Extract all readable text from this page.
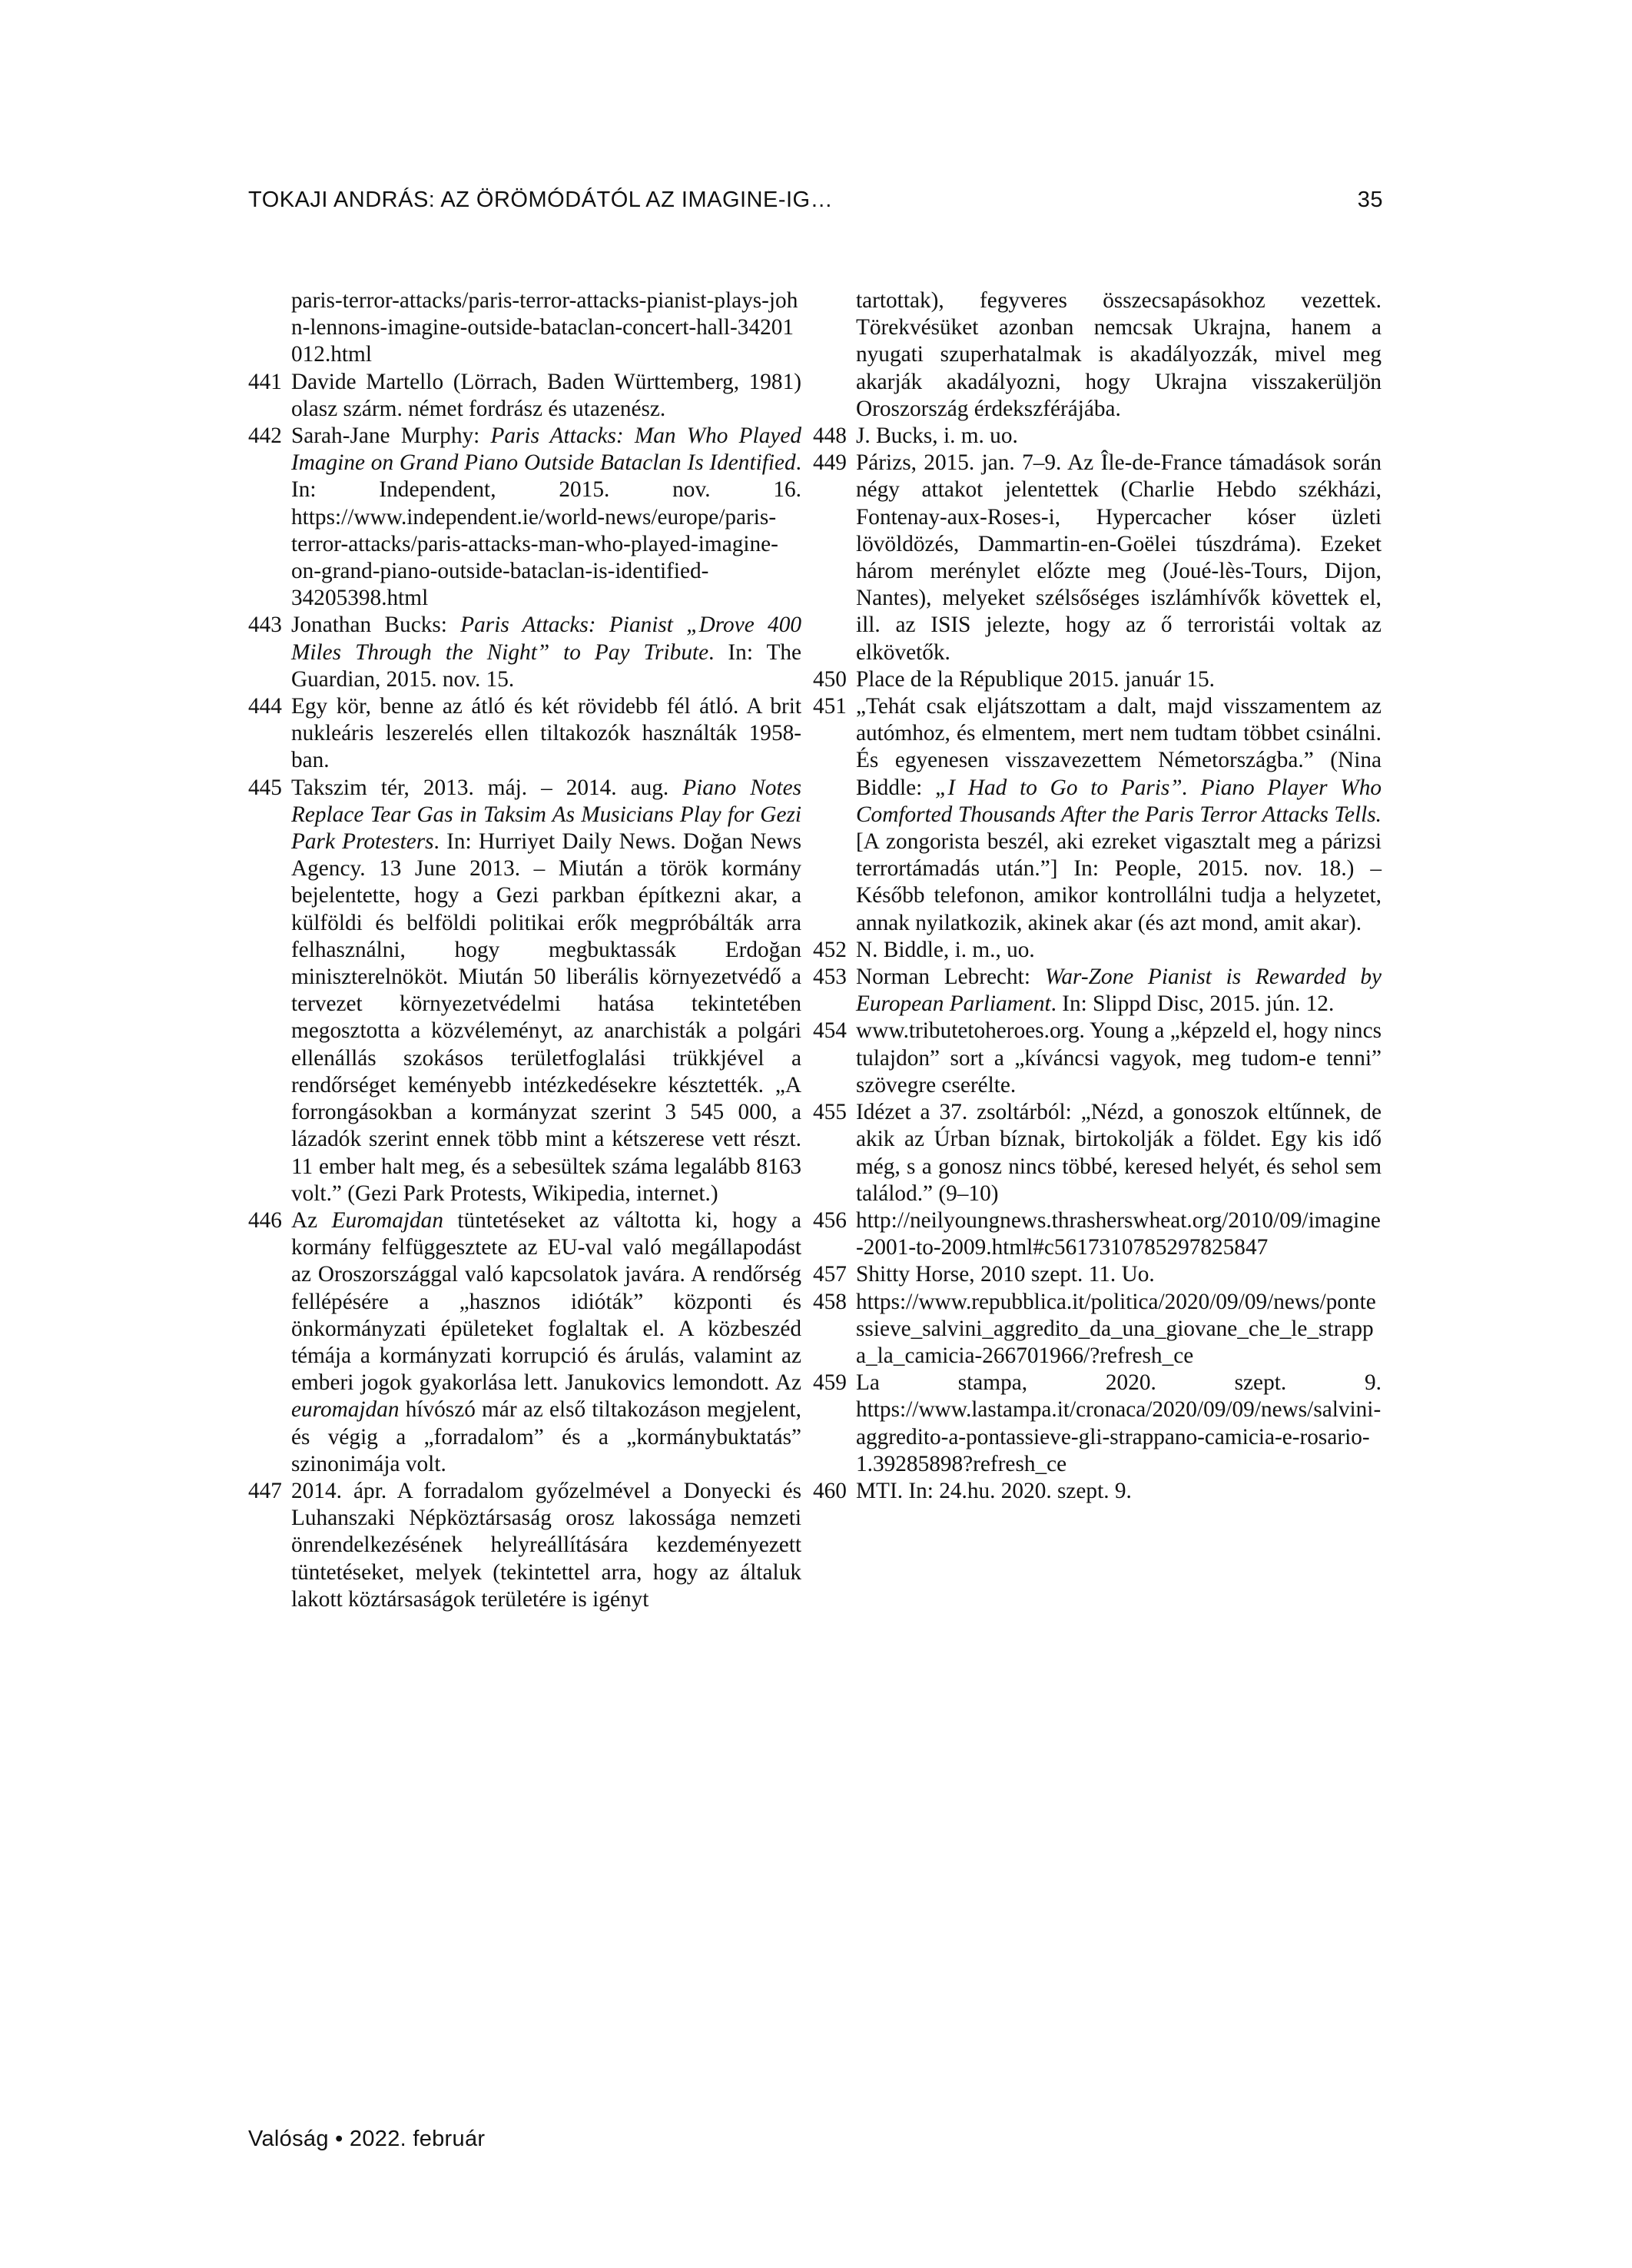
TOKAJI ANDRÁS: AZ ÖRÖMÓDÁTÓL AZ IMAGINE-IG…	35

paris-terror-attacks/paris-terror-attacks-pianist-plays-john-lennons-imagine-outside-bataclan-concert-hall-34201012.html

441 Davide Martello (Lörrach, Baden Württemberg, 1981) olasz szárm. német fordrász és utazenész.

442 Sarah-Jane Murphy: Paris Attacks: Man Who Played Imagine on Grand Piano Outside Bataclan Is Identified. In: Independent, 2015. nov. 16. https://www.independent.ie/world-news/europe/paris-terror-attacks/paris-attacks-man-who-played-imagine-on-grand-piano-outside-bataclan-is-identified-34205398.html

443 Jonathan Bucks: Paris Attacks: Pianist „Drove 400 Miles Through the Night” to Pay Tribute. In: The Guardian, 2015. nov. 15.

444 Egy kör, benne az átló és két rövidebb fél átló. A brit nukleáris leszerelés ellen tiltakozók használták 1958-ban.

445 Takszim tér, 2013. máj. – 2014. aug. Piano Notes Replace Tear Gas in Taksim As Musicians Play for Gezi Park Protesters. In: Hurriyet Daily News. Doğan News Agency. 13 June 2013. – Miután a török kormány bejelentette, hogy a Gezi parkban építkezni akar, a külföldi és belföldi politikai erők megpróbálták arra felhasználni, hogy megbuktassák Erdoğan miniszterelnököt. Miután 50 liberális környezetvédő a tervezet környezetvédelmi hatása tekintetében megosztotta a közvéleményt, az anarchisták a polgári ellenállás szokásos területfoglalási trükkjével a rendőrséget keményebb intézkedésekre késztették. „A forrongásokban a kormányzat szerint 3 545 000, a lázadók szerint ennek több mint a kétszerese vett részt. 11 ember halt meg, és a sebesültek száma legalább 8163 volt.” (Gezi Park Protests, Wikipedia, internet.)

446 Az Euromajdan tüntetéseket az váltotta ki, hogy a kormány felfüggesztete az EU-val való megállapodást az Oroszországgal való kapcsolatok javára. A rendőrség fellépésére a „hasznos idióták” központi és önkormányzati épületeket foglaltak el. A közbeszéd témája a kormányzati korrupció és árulás, valamint az emberi jogok gyakorlása lett. Janukovics lemondott. Az euromajdan hívószó már az első tiltakozáson megjelent, és végig a „forradalom” és a „kormánybuktatás” szinonimája volt.

447 2014. ápr. A forradalom győzelmével a Donyecki és Luhanszaki Népköztársaság orosz lakossága nemzeti önrendelkezésének helyreállítására kezdeményezett tüntetéseket, melyek (tekintettel arra, hogy az általuk lakott köztársaságok területére is igényt

tartottak), fegyveres összecsapásokhoz vezettek. Törekvésüket azonban nemcsak Ukrajna, hanem a nyugati szuperhatalmak is akadályozzák, mivel meg akarják akadályozni, hogy Ukrajna visszakerüljön Oroszország érdekszférájába.

448 J. Bucks, i. m. uo.

449 Párizs, 2015. jan. 7–9. Az Île-de-France támadások során négy attakot jelentettek (Charlie Hebdo székházi, Fontenay-aux-Roses-i, Hypercacher kóser üzleti lövöldözés, Dammartin-en-Goëlei túszdráma). Ezeket három merénylet előzte meg (Joué-lès-Tours, Dijon, Nantes), melyeket szélsőséges iszlámhívők követtek el, ill. az ISIS jelezte, hogy az ő terroristái voltak az elkövetők.

450 Place de la République 2015. január 15.

451 „Tehát csak eljátszottam a dalt, majd visszamentem az autómhoz, és elmentem, mert nem tudtam többet csinálni. És egyenesen visszavezettem Németországba.” (Nina Biddle: „I Had to Go to Paris”. Piano Player Who Comforted Thousands After the Paris Terror Attacks Tells. [A zongorista beszél, aki ezreket vigasztalt meg a párizsi terrortámadás után.”] In: People, 2015. nov. 18.) – Később telefonon, amikor kontrollálni tudja a helyzetet, annak nyilatkozik, akinek akar (és azt mond, amit akar).

452 N. Biddle, i. m., uo.

453 Norman Lebrecht: War-Zone Pianist is Rewarded by European Parliament. In: Slippd Disc, 2015. jún. 12.

454 www.tributetoheroes.org. Young a „képzeld el, hogy nincs tulajdon” sort a „kíváncsi vagyok, meg tudom-e tenni” szövegre cserélte.

455 Idézet a 37. zsoltárból: „Nézd, a gonoszok eltűnnek, de akik az Úrban bíznak, birtokolják a földet. Egy kis idő még, s a gonosz nincs többé, keresed helyét, és sehol sem találod.” (9–10)

456 http://neilyoungnews.thrasherswheat.org/2010/09/imagine-2001-to-2009.html#c5617310785297825847

457 Shitty Horse, 2010 szept. 11. Uo.

458 https://www.repubblica.it/politica/2020/09/09/news/pontessieve_salvini_aggredito_da_una_giovane_che_le_strappa_la_camicia-266701966/?refresh_ce

459 La stampa, 2020. szept. 9. https://www.lastampa.it/cronaca/2020/09/09/news/salvini-aggredito-a-pontassieve-gli-strappano-camicia-e-rosario-1.39285898?refresh_ce

460 MTI. In: 24.hu. 2020. szept. 9.

Valóság • 2022. február
